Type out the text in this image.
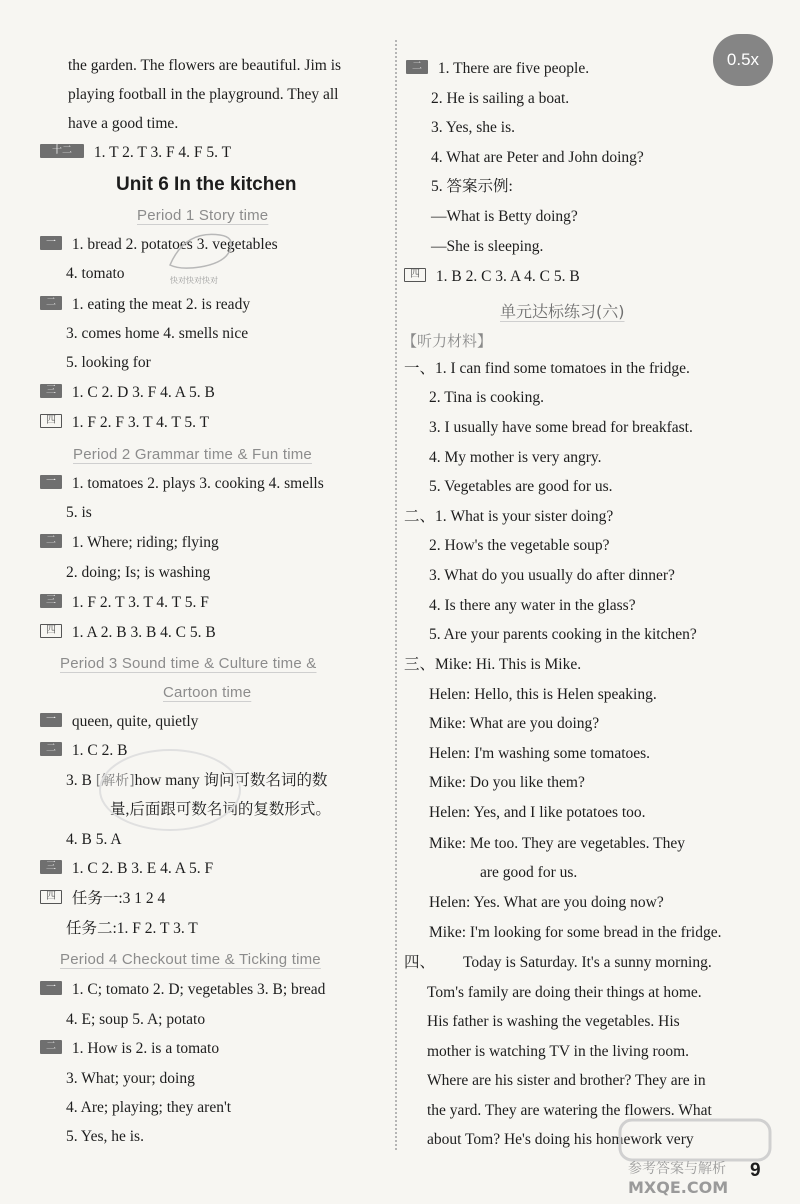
0.5x
the garden. The flowers are beautiful. Jim is
playing football in the playground. They all
have a good time.
十二 1. T 2. T 3. F 4. F 5. T
Unit 6 In the kitchen
Period 1 Story time
一 1. bread 2. potatoes 3. vegetables
4. tomato
二 1. eating the meat 2. is ready
3. comes home 4. smells nice
5. looking for
三 1. C 2. D 3. F 4. A 5. B
四 1. F 2. F 3. T 4. T 5. T
Period 2 Grammar time & Fun time
一 1. tomatoes 2. plays 3. cooking 4. smells
5. is
二 1. Where; riding; flying
2. doing; Is; is washing
三 1. F 2. T 3. T 4. T 5. F
四 1. A 2. B 3. B 4. C 5. B
Period 3 Sound time & Culture time &
Cartoon time
一 queen, quite, quietly
二 1. C 2. B
3. B [解析]how many 询问可数名词的数
量,后面跟可数名词的复数形式。
4. B 5. A
三 1. C 2. B 3. E 4. A 5. F
四 任务一:3 1 2 4
任务二:1. F 2. T 3. T
Period 4 Checkout time & Ticking time
一 1. C; tomato 2. D; vegetables 3. B; bread
4. E; soup 5. A; potato
二 1. How is 2. is a tomato
3. What; your; doing
4. Are; playing; they aren't
5. Yes, he is.
快对快对快对
二 1. There are five people.
2. He is sailing a boat.
3. Yes, she is.
4. What are Peter and John doing?
5. 答案示例:
—What is Betty doing?
—She is sleeping.
四 1. B 2. C 3. A 4. C 5. B
单元达标练习(六)
【听力材料】
一、1. I can find some tomatoes in the fridge.
2. Tina is cooking.
3. I usually have some bread for breakfast.
4. My mother is very angry.
5. Vegetables are good for us.
二、1. What is your sister doing?
2. How's the vegetable soup?
3. What do you usually do after dinner?
4. Is there any water in the glass?
5. Are your parents cooking in the kitchen?
三、Mike: Hi. This is Mike.
Helen: Hello, this is Helen speaking.
Mike: What are you doing?
Helen: I'm washing some tomatoes.
Mike: Do you like them?
Helen: Yes, and I like potatoes too.
Mike: Me too. They are vegetables. They
are good for us.
Helen: Yes. What are you doing now?
Mike: I'm looking for some bread in the fridge.
四、 Today is Saturday. It's a sunny morning.
Tom's family are doing their things at home.
His father is washing the vegetables. His
mother is watching TV in the living room.
Where are his sister and brother? They are in
the yard. They are watering the flowers. What
about Tom? He's doing his homework very
参考答案与解析
MXQE.COM
9
